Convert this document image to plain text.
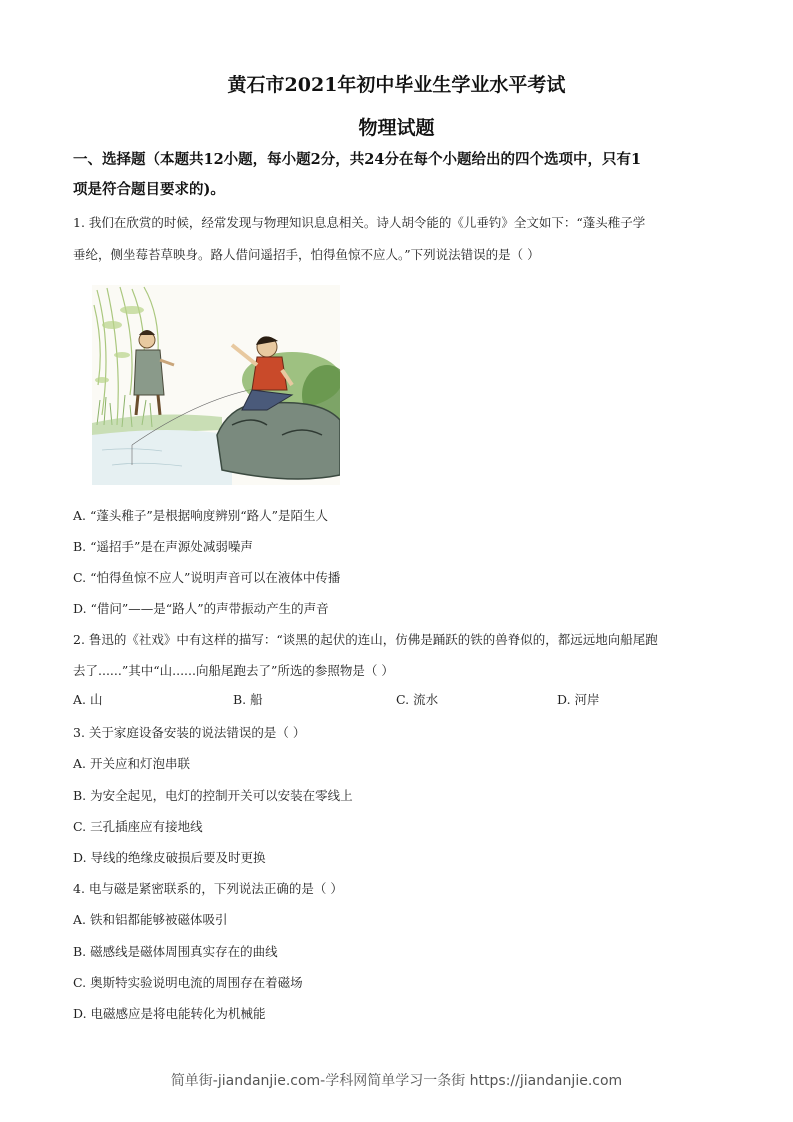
黄石市2021年初中毕业生学业水平考试
物理试题
一、选择题（本题共12小题，每小题2分，共24分在每个小题给出的四个选项中，只有1
项是符合题目要求的)。
1. 我们在欣赏的时候，经常发现与物理知识息息相关。诗人胡令能的《儿垂钓》全文如下：“蓬头稚子学
垂纶，侧坐莓苔草映身。路人借问遥招手，怕得鱼惊不应人。”下列说法错误的是（ ）
A. “蓬头稚子”是根据响度辨别“路人”是陌生人
B. “遥招手”是在声源处减弱噪声
C. “怕得鱼惊不应人”说明声音可以在液体中传播
D. “借问”——是“路人”的声带振动产生的声音
2. 鲁迅的《社戏》中有这样的描写：“谈黑的起伏的连山，仿佛是踊跃的铁的兽脊似的，都远远地向船尾跑
去了......”其中“山......向船尾跑去了”所选的参照物是（ ）
A. 山	B. 船	C. 流水	D. 河岸
3. 关于家庭设备安装的说法错误的是（ ）
A. 开关应和灯泡串联
B. 为安全起见，电灯的控制开关可以安装在零线上
C. 三孔插座应有接地线
D. 导线的绝缘皮破损后要及时更换
4. 电与磁是紧密联系的，下列说法正确的是（ ）
A. 铁和铝都能够被磁体吸引
B. 磁感线是磁体周围真实存在的曲线
C. 奥斯特实验说明电流的周围存在着磁场
D. 电磁感应是将电能转化为机械能
简单街-jiandanjie.com-学科网简单学习一条街 https://jiandanjie.com
